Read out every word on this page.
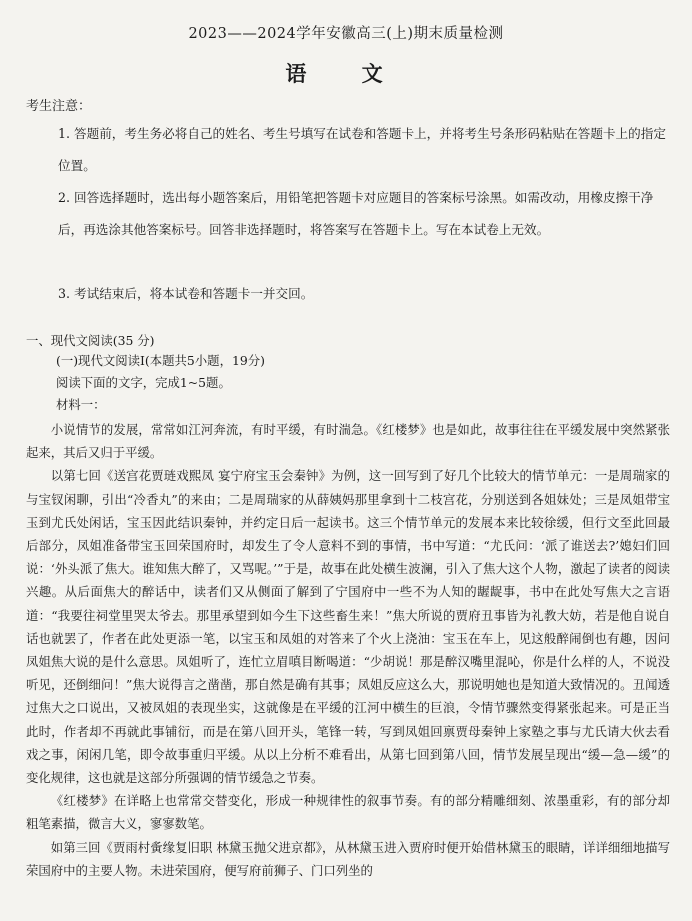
2023——2024学年安徽高三(上)期末质量检测
语 文
考生注意：

1. 答题前，考生务必将自己的姓名、考生号填写在试卷和答题卡上，并将考生号条形码粘贴在答题卡上的指定位置。

2. 回答选择题时，选出每小题答案后，用铅笔把答题卡对应题目的答案标号涂黑。如需改动，用橡皮擦干净后，再选涂其他答案标号。回答非选择题时，将答案写在答题卡上。写在本试卷上无效。

3. 考试结束后，将本试卷和答题卡一并交回。

一、现代文阅读(35 分)
(一)现代文阅读Ⅰ(本题共5小题，19分)
阅读下面的文字，完成1~5题。
材料一：

小说情节的发展，常常如江河奔流，有时平缓，有时湍急。《红楼梦》也是如此，故事往往在平缓发展中突然紧张起来，其后又归于平缓。

以第七回《送宫花贾琏戏熙凤 宴宁府宝玉会秦钟》为例，这一回写到了好几个比较大的情节单元：一是周瑞家的与宝钗闲聊，引出“冷香丸”的来由；二是周瑞家的从薛姨妈那里拿到十二枝宫花，分别送到各姐妹处；三是凤姐带宝玉到尤氏处闲话，宝玉因此结识秦钟，并约定日后一起读书。这三个情节单元的发展本来比较徐缓，但行文至此回最后部分，凤姐准备带宝玉回荣国府时，却发生了令人意料不到的事情，书中写道：“尤氏问：‘派了谁送去?’媳妇们回说：‘外头派了焦大。谁知焦大醉了，又骂呢。’”于是，故事在此处横生波澜，引入了焦大这个人物，激起了读者的阅读兴趣。从后面焦大的醉话中，读者们又从侧面了解到了宁国府中一些不为人知的龌龊事，书中在此处写焦大之言语道：“我要往祠堂里哭太爷去。那里承望到如今生下这些畜生来！”焦大所说的贾府丑事皆为礼教大妨，若是他自说自话也就罢了，作者在此处更添一笔，以宝玉和凤姐的对答来了个火上浇油：宝玉在车上，见这般醉闹倒也有趣，因问凤姐焦大说的是什么意思。凤姐听了，连忙立眉嗔目断喝道：“少胡说！那是醉汉嘴里混吣，你是什么样的人，不说没听见，还倒细问！”焦大说得言之凿凿，那自然是确有其事；凤姐反应这么大，那说明她也是知道大致情况的。丑闻透过焦大之口说出，又被凤姐的表现坐实，这就像是在平缓的江河中横生的巨浪，令情节骤然变得紧张起来。可是正当此时，作者却不再就此事铺衍，而是在第八回开头，笔锋一转，写到凤姐回禀贾母秦钟上家塾之事与尤氏请大伙去看戏之事，闲闲几笔，即令故事重归平缓。从以上分析不难看出，从第七回到第八回，情节发展呈现出“缓—急—缓”的变化规律，这也就是这部分所强调的情节缓急之节奏。

《红楼梦》在详略上也常常交替变化，形成一种规律性的叙事节奏。有的部分精雕细刻、浓墨重彩，有的部分却粗笔素描，微言大义，寥寥数笔。

如第三回《贾雨村夤缘复旧职 林黛玉抛父进京都》，从林黛玉进入贾府时便开始借林黛玉的眼睛，详详细细地描写荣国府中的主要人物。未进荣国府，便写府前狮子、门口列坐的
